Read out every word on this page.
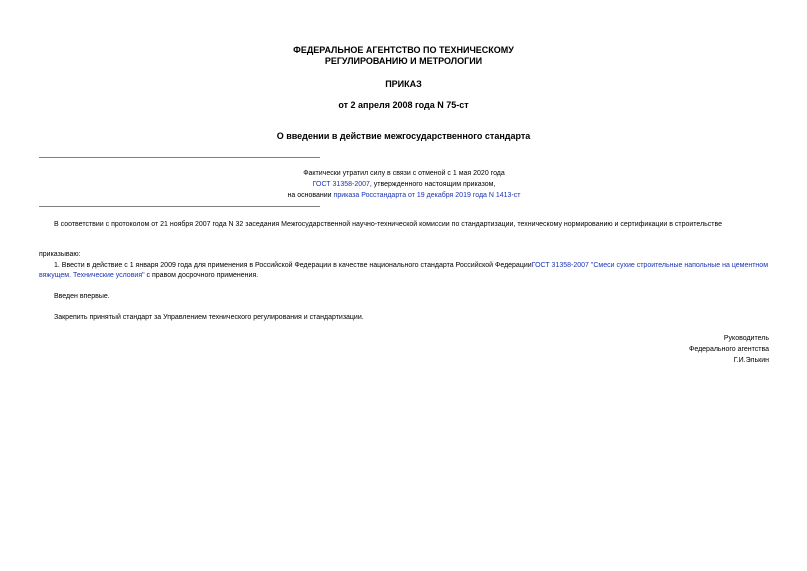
ФЕДЕРАЛЬНОЕ АГЕНТСТВО ПО ТЕХНИЧЕСКОМУ
РЕГУЛИРОВАНИЮ И МЕТРОЛОГИИ
ПРИКАЗ
от 2 апреля 2008 года N 75-ст
О введении в действие межгосударственного стандарта
Фактически утратил силу в связи с отменой с 1 мая 2020 года
ГОСТ 31358-2007, утвержденного настоящим приказом,
на основании приказа Росстандарта от 19 декабря 2019 года N 1413-ст
В соответствии с протоколом от 21 ноября 2007 года N 32 заседания Межгосударственной научно-технической комиссии по стандартизации, техническому нормированию и сертификации в строительстве
приказываю:
1. Ввести в действие с 1 января 2009 года для применения в Российской Федерации в качестве национального стандарта Российской ФедерацииГОСТ 31358-2007 "Смеси сухие строительные напольные на цементном вяжущем. Технические условия" с правом досрочного применения.
Введен впервые.
Закрепить принятый стандарт за Управлением технического регулирования и стандартизации.
Руководитель
Федерального агентства
Г.И.Элькин
